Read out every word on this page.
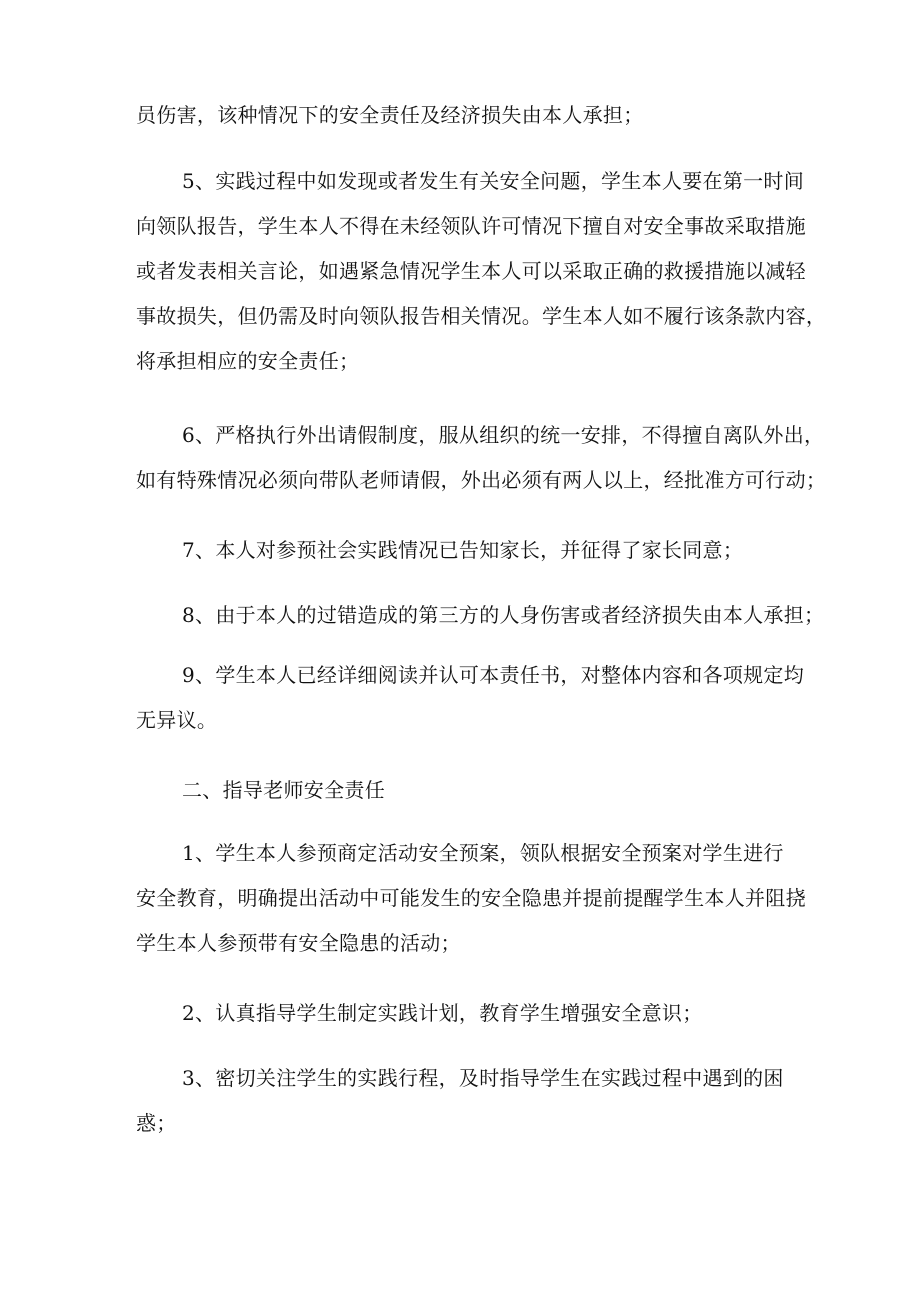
员伤害，该种情况下的安全责任及经济损失由本人承担；
5、实践过程中如发现或者发生有关安全问题，学生本人要在第一时间
向领队报告，学生本人不得在未经领队许可情况下擅自对安全事故采取措施
或者发表相关言论，如遇紧急情况学生本人可以采取正确的救援措施以减轻
事故损失，但仍需及时向领队报告相关情况。学生本人如不履行该条款内容，
将承担相应的安全责任；
6、严格执行外出请假制度，服从组织的统一安排，不得擅自离队外出，
如有特殊情况必须向带队老师请假，外出必须有两人以上，经批准方可行动；
7、本人对参预社会实践情况已告知家长，并征得了家长同意；
8、由于本人的过错造成的第三方的人身伤害或者经济损失由本人承担；
9、学生本人已经详细阅读并认可本责任书，对整体内容和各项规定均
无异议。
二、指导老师安全责任
1、学生本人参预商定活动安全预案，领队根据安全预案对学生进行
安全教育，明确提出活动中可能发生的安全隐患并提前提醒学生本人并阻挠
学生本人参预带有安全隐患的活动；
2、认真指导学生制定实践计划，教育学生增强安全意识；
3、密切关注学生的实践行程，及时指导学生在实践过程中遇到的困
惑；
